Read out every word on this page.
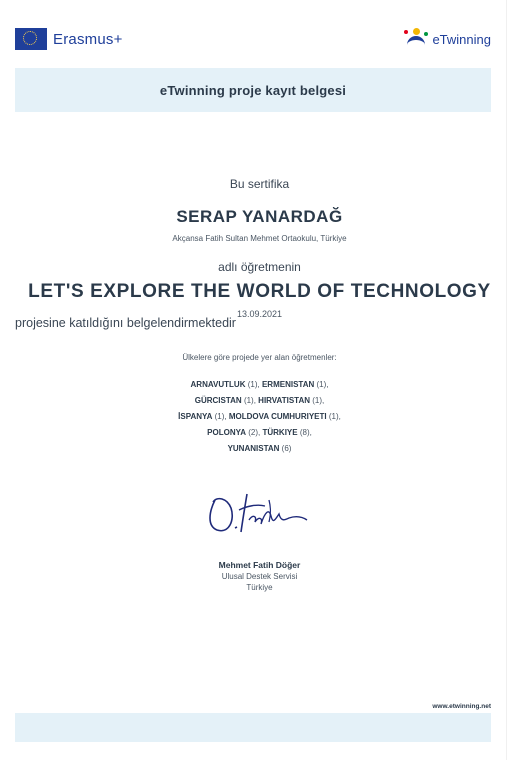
Erasmus+	eTwinning
eTwinning proje kayıt belgesi
Bu sertifika
SERAP YANARDAĞ
Akçansa Fatih Sultan Mehmet Ortaokulu, Türkiye
adlı öğretmenin
LET'S EXPLORE THE WORLD OF TECHNOLOGY
13.09.2021
projesine katıldığını belgelendirmektedir
Ülkelere göre projede yer alan öğretmenler:
ARNAVUTLUK (1), ERMENISTAN (1),
GÜRCISTAN (1), HIRVATISTAN (1),
İSPANYA (1), MOLDOVA CUMHURIYETI (1),
POLONYA (2), TÜRKIYE (8),
YUNANISTAN (6)
Mehmet Fatih Döğer
Ulusal Destek Servisi
Türkiye
www.etwinning.net
